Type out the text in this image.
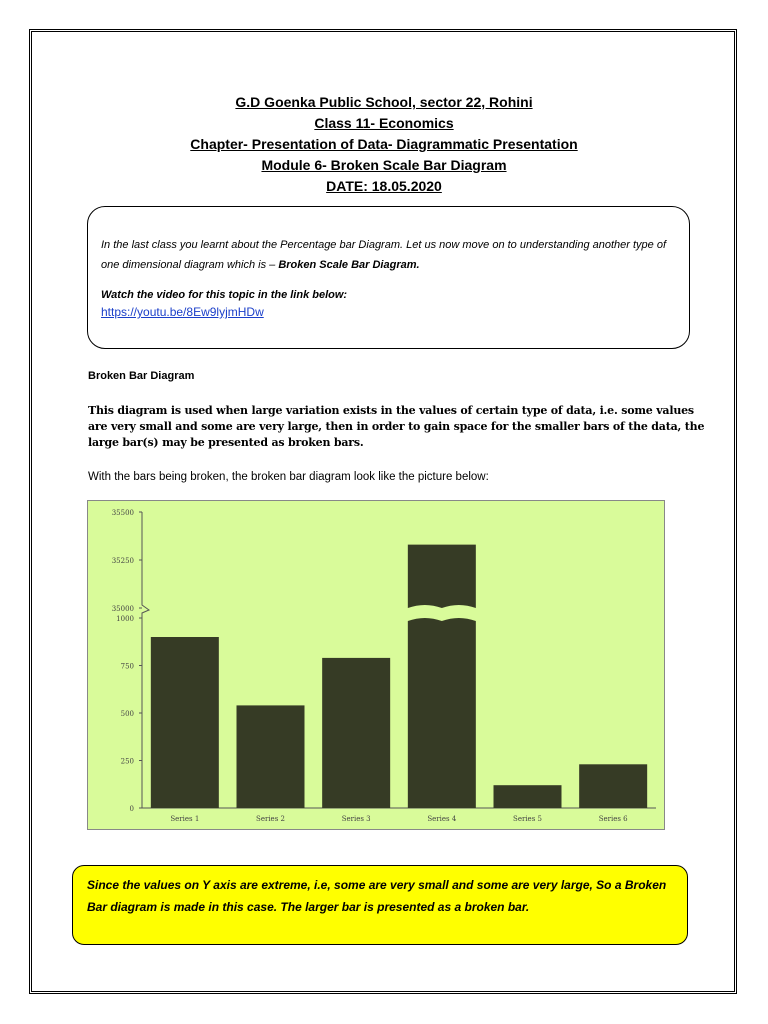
G.D Goenka Public School, sector 22, Rohini
Class 11- Economics
Chapter- Presentation of Data- Diagrammatic Presentation
Module 6- Broken Scale Bar Diagram
DATE: 18.05.2020

In the last class you learnt about the Percentage bar Diagram. Let us now move on to understanding another type of one dimensional diagram which is – Broken Scale Bar Diagram.

Watch the video for this topic in the link below:
https://youtu.be/8Ew9lyjmHDw
Broken Bar Diagram
This diagram is used when large variation exists in the values of certain type of data, i.e. some values are very small and some are very large, then in order to gain space for the smaller bars of the data, the large bar(s) may be presented as broken bars.
With the bars being broken, the broken bar diagram look like the picture below:
0
250
500
750
1000
35000
35250
35500
Series 1	Series 2	Series 3	Series 4	Series 5	Series 6

Since the values on Y axis are extreme, i.e, some are very small and some are very large, So a Broken Bar diagram is made in this case. The larger bar is presented as a broken bar.
